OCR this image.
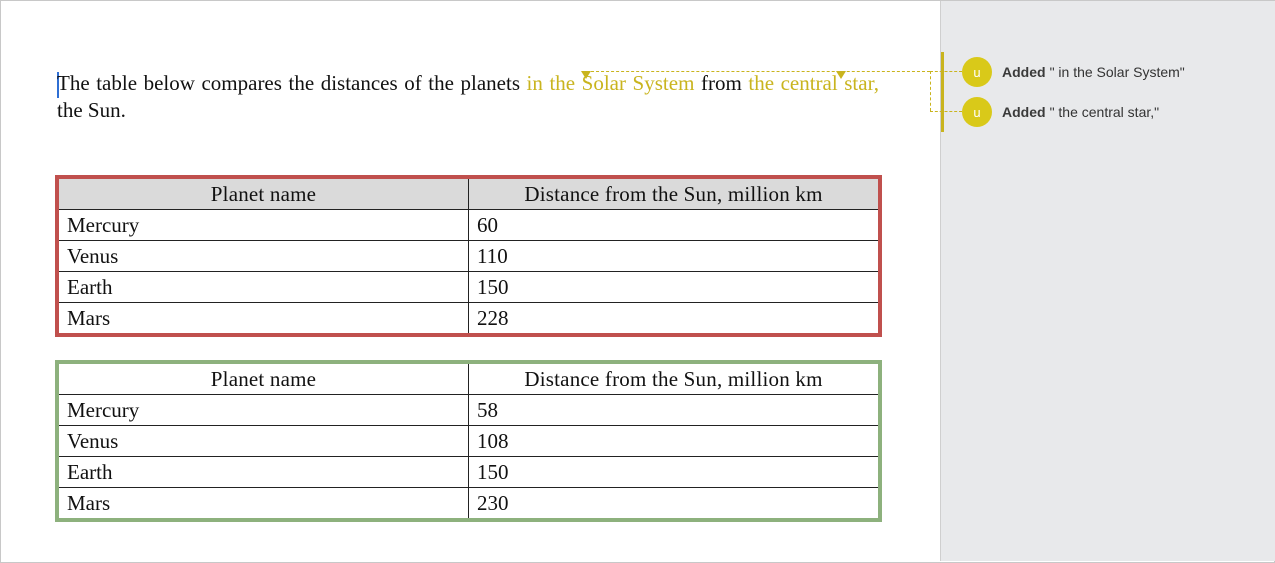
The table below compares the distances of the planets in the Solar System from the central star, the Sun.

u	Added " in the Solar System"
u	Added " the central star,"
Planet name	Distance from the Sun, million km
Mercury	60
Venus	110
Earth	150
Mars	228
Planet name	Distance from the Sun, million km
Mercury	58
Venus	108
Earth	150
Mars	230
